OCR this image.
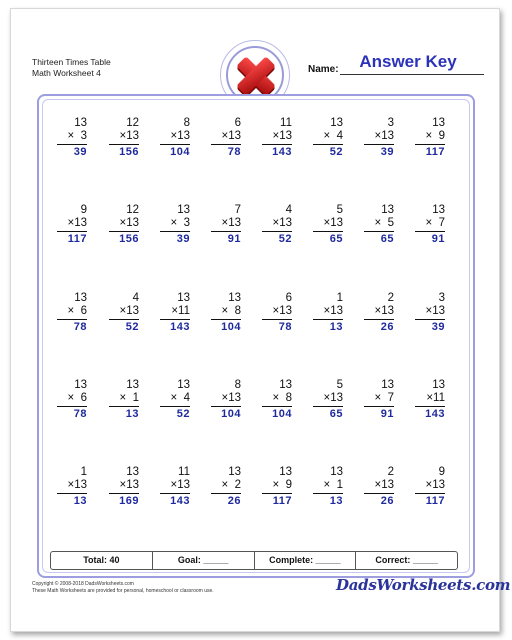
Thirteen Times Table
Math Worksheet 4	Name:	Answer Key
13
×  3
39
12
×13
156
8
×13
104
6
×13
78
11
×13
143
13
×  4
52
3
×13
39
13
×  9
117
9
×13
117
12
×13
156
13
×  3
39
7
×13
91
4
×13
52
5
×13
65
13
×  5
65
13
×  7
91
13
×  6
78
4
×13
52
13
×11
143
13
×  8
104
6
×13
78
1
×13
13
2
×13
26
3
×13
39
13
×  6
78
13
×  1
13
13
×  4
52
8
×13
104
13
×  8
104
5
×13
65
13
×  7
91
13
×11
143
1
×13
13
13
×13
169
11
×13
143
13
×  2
26
13
×  9
117
13
×  1
13
2
×13
26
9
×13
117
Total: 40	Goal: _____	Complete: _____	Correct: _____
Copyright © 2008-2018 DadsWorksheets.com
These Math Worksheets are provided for personal, homeschool or classroom use.	DadsWorksheets.com
